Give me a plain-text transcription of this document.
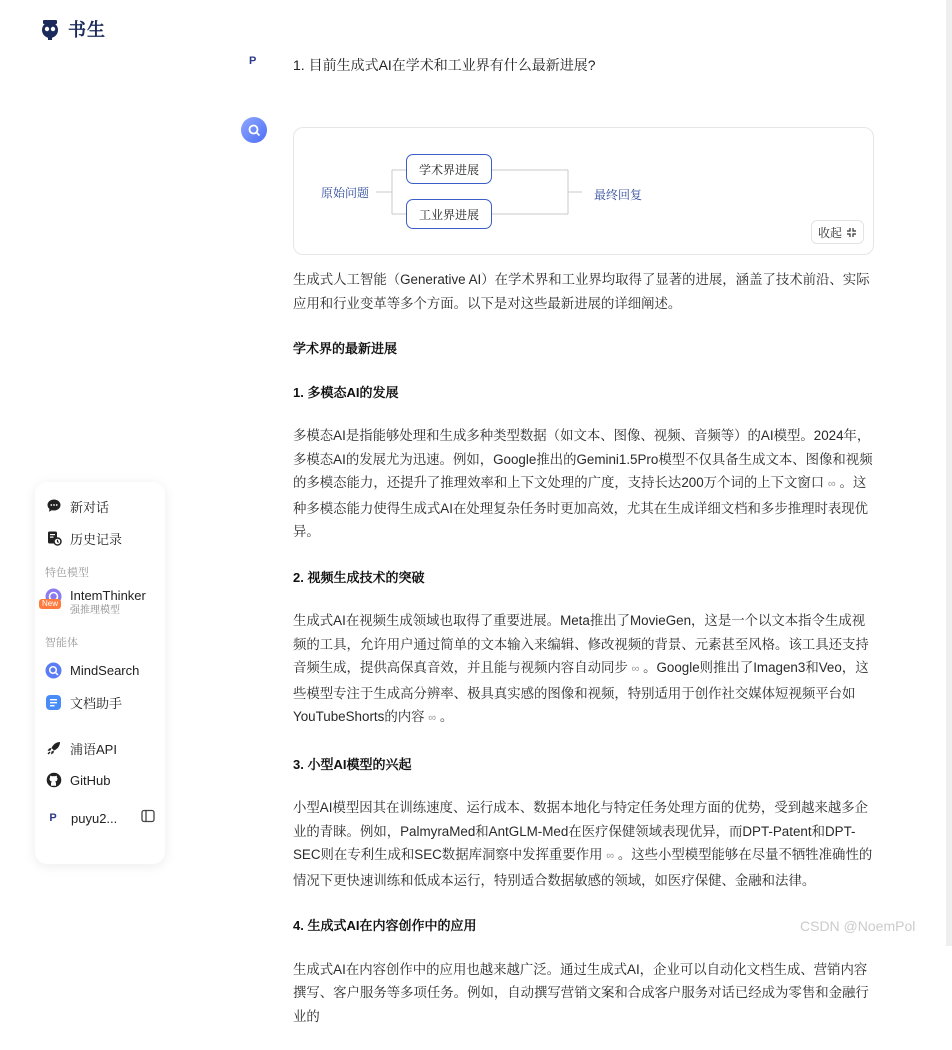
书生
新对话
历史记录
特色模型
New
IntemThinker
强推理模型
智能体
MindSearch
文档助手
浦语API
GitHub
P	puyu2...
P	1. 目前生成式AI在学术和工业界有什么最新进展?
原始问题
学术界进展
工业界进展
最终回复
收起

生成式人工智能（Generative AI）在学术界和工业界均取得了显著的进展，涵盖了技术前沿、实际应用和行业变革等多个方面。以下是对这些最新进展的详细阐述。

学术界的最新进展
1. 多模态AI的发展

多模态AI是指能够处理和生成多种类型数据（如文本、图像、视频、音频等）的AI模型。2024年，多模态AI的发展尤为迅速。例如，Google推出的Gemini1.5Pro模型不仅具备生成文本、图像和视频的多模态能力，还提升了推理效率和上下文处理的广度，支持长达200万个词的上下文窗口 ∞ 。这种多模态能力使得生成式AI在处理复杂任务时更加高效，尤其在生成详细文档和多步推理时表现优异。

2. 视频生成技术的突破

生成式AI在视频生成领域也取得了重要进展。Meta推出了MovieGen，这是一个以文本指令生成视频的工具，允许用户通过简单的文本输入来编辑、修改视频的背景、元素甚至风格。该工具还支持音频生成，提供高保真音效，并且能与视频内容自动同步 ∞ 。Google则推出了Imagen3和Veo，这些模型专注于生成高分辨率、极具真实感的图像和视频，特别适用于创作社交媒体短视频平台如YouTubeShorts的内容 ∞ 。

3. 小型AI模型的兴起

小型AI模型因其在训练速度、运行成本、数据本地化与特定任务处理方面的优势，受到越来越多企业的青睐。例如，PalmyraMed和AntGLM-Med在医疗保健领域表现优异，而DPT-Patent和DPT-SEC则在专利生成和SEC数据库洞察中发挥重要作用 ∞ 。这些小型模型能够在尽量不牺牲准确性的情况下更快速训练和低成本运行，特别适合数据敏感的领域，如医疗保健、金融和法律。

4. 生成式AI在内容创作中的应用

生成式AI在内容创作中的应用也越来越广泛。通过生成式AI，企业可以自动化文档生成、营销内容撰写、客户服务等多项任务。例如，自动撰写营销文案和合成客户服务对话已经成为零售和金融行业的

CSDN @NoemPol
